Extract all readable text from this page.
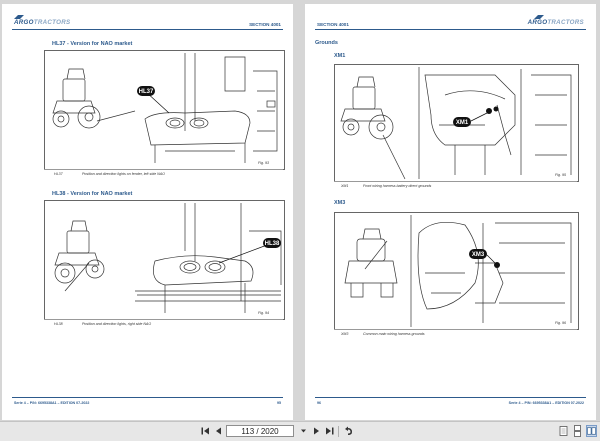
ARGOTRACTORS	SECTION 4001
HL37 - Version for NAO market
HL37
Fig. 93
HL37	Position and direction lights on fender, left side NAO
HL38 - Version for NAO market
HL38
Fig. 94
HL38	Position and direction lights, right side NAO
Serie 4 – P/N: 6695338A1 – EDITION 07-2022	95
SECTION 4001	ARGOTRACTORS
Grounds
XM1
XM1
Fig. 95
XM1	Front wiring harness battery direct grounds
XM3
XM3
Fig. 96
XM3	Common main wiring harness grounds
96	Serie 4 – P/N: 6695338A1 – EDITION 07-2022
113 / 2020
